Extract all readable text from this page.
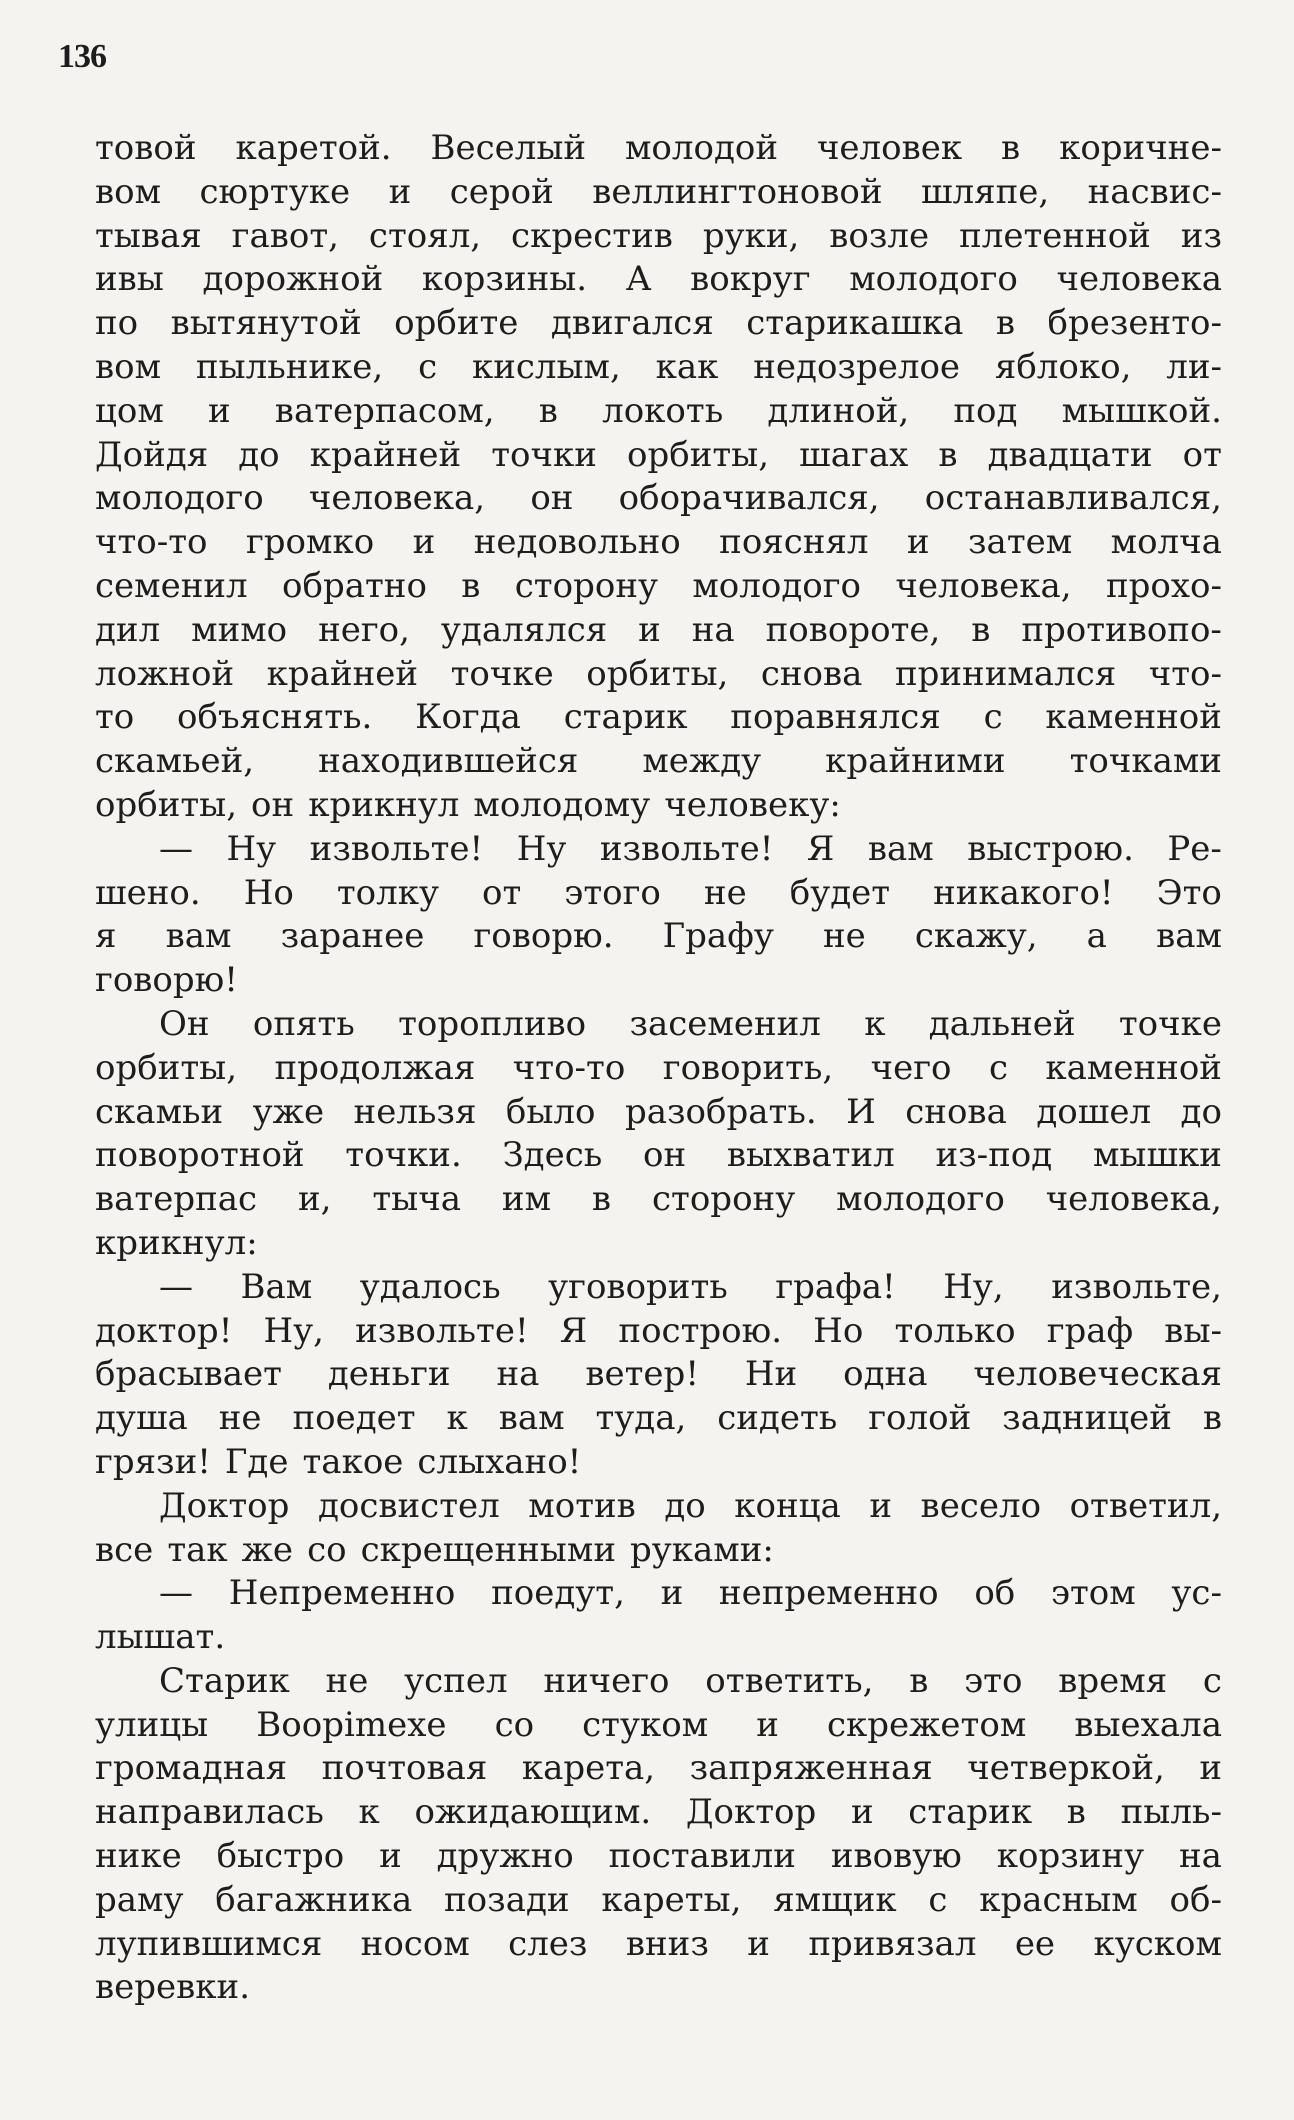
136
товой каретой. Веселый молодой человек в коричне-
вом сюртуке и серой веллингтоновой шляпе, насвис-
тывая гавот, стоял, скрестив руки, возле плетенной из
ивы дорожной корзины. А вокруг молодого человека
по вытянутой орбите двигался старикашка в брезенто-
вом пыльнике, с кислым, как недозрелое яблоко, ли-
цом и ватерпасом, в локоть длиной, под мышкой.
Дойдя до крайней точки орбиты, шагах в двадцати от
молодого человека, он оборачивался, останавливался,
что-то громко и недовольно пояснял и затем молча
семенил обратно в сторону молодого человека, прохо-
дил мимо него, удалялся и на повороте, в противопо-
ложной крайней точке орбиты, снова принимался что-
то объяснять. Когда старик поравнялся с каменной
скамьей, находившейся между крайними точками
орбиты, он крикнул молодому человеку:
— Ну извольте! Ну извольте! Я вам выстрою. Ре-
шено. Но толку от этого не будет никакого! Это
я вам заранее говорю. Графу не скажу, а вам
говорю!
Он опять торопливо засеменил к дальней точке
орбиты, продолжая что-то говорить, чего с каменной
скамьи уже нельзя было разобрать. И снова дошел до
поворотной точки. Здесь он выхватил из-под мышки
ватерпас и, тыча им в сторону молодого человека,
крикнул:
— Вам удалось уговорить графа! Ну, извольте,
доктор! Ну, извольте! Я построю. Но только граф вы-
брасывает деньги на ветер! Ни одна человеческая
душа не поедет к вам туда, сидеть голой задницей в
грязи! Где такое слыхано!
Доктор досвистел мотив до конца и весело ответил,
все так же со скрещенными руками:
— Непременно поедут, и непременно об этом ус-
лышат.
Старик не успел ничего ответить, в это время с
улицы Воорimexe со стуком и скрежетом выехала
громадная почтовая карета, запряженная четверкой, и
направилась к ожидающим. Доктор и старик в пыль-
нике быстро и дружно поставили ивовую корзину на
раму багажника позади кареты, ямщик с красным об-
лупившимся носом слез вниз и привязал ее куском
веревки.
